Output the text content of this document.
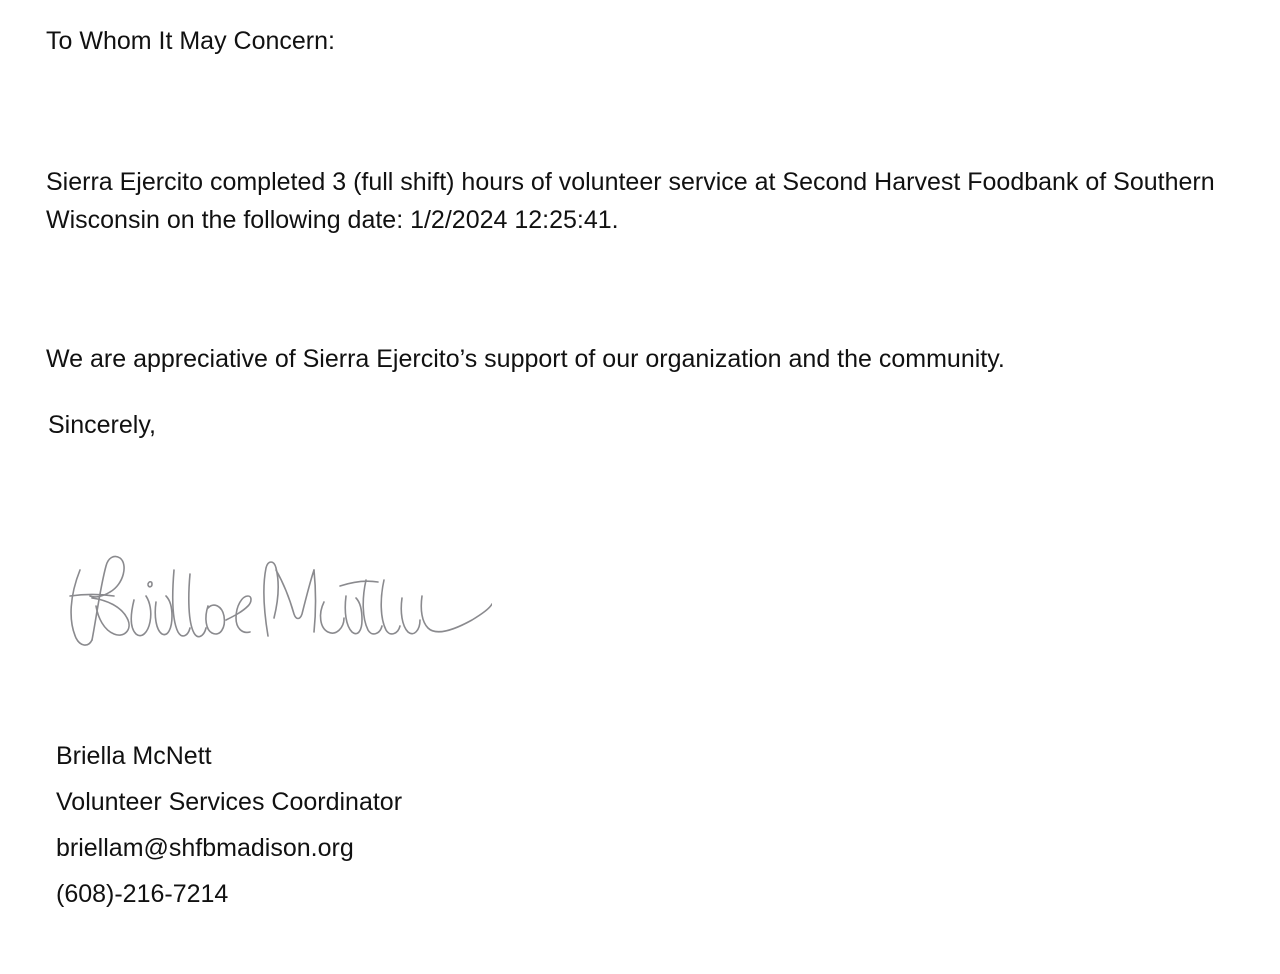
To Whom It May Concern:
Sierra Ejercito completed 3 (full shift) hours of volunteer service at Second Harvest Foodbank of Southern Wisconsin on the following date: 1/2/2024 12:25:41.
We are appreciative of Sierra Ejercito’s support of our organization and the community.
Sincerely,
Briella McNett
Volunteer Services Coordinator
briellam@shfbmadison.org
(608)-216-7214
